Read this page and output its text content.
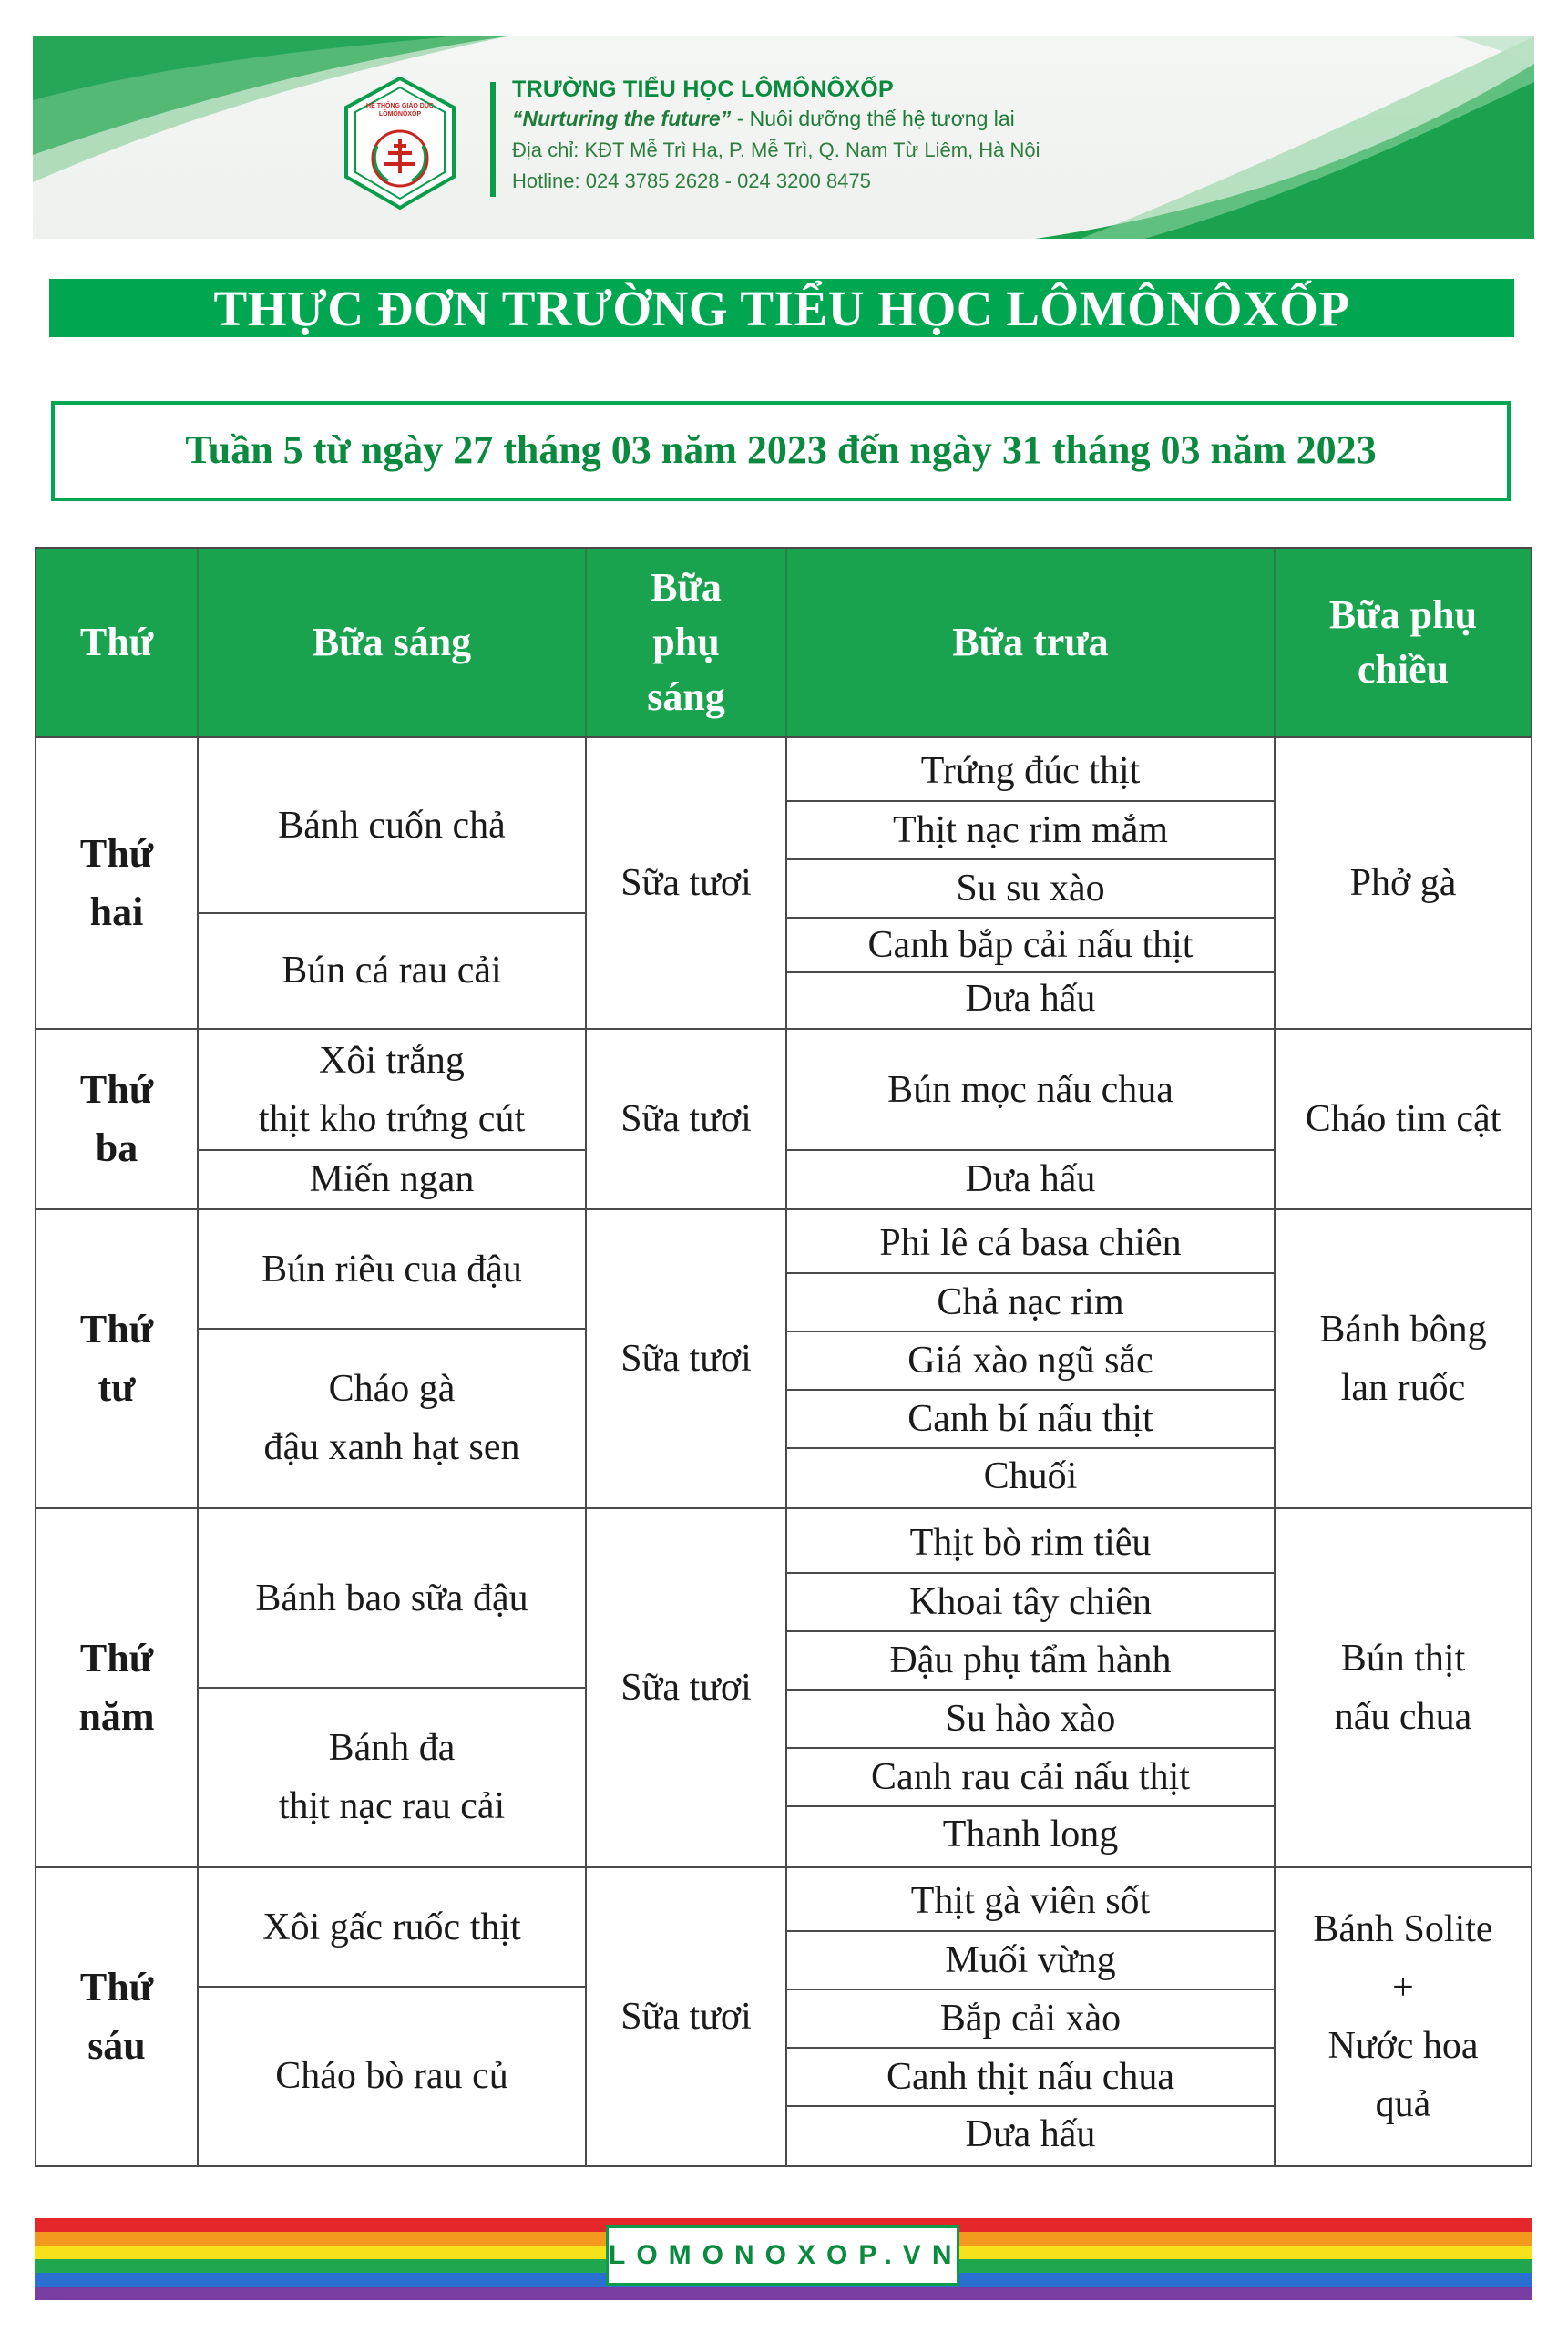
HỆ THỐNG GIÁO DỤC LÔMÔNÔXỐP
TRƯỜNG TIỂU HỌC LÔMÔNÔXỐP
“Nurturing the future” - Nuôi dưỡng thế hệ tương lai
Địa chỉ: KĐT Mễ Trì Hạ, P. Mễ Trì, Q. Nam Từ Liêm, Hà Nội
Hotline: 024 3785 2628 - 024 3200 8475
THỰC ĐƠN TRƯỜNG TIỂU HỌC LÔMÔNÔXỐP
Tuần 5 từ ngày 27 tháng 03 năm 2023 đến ngày 31 tháng 03 năm 2023
Thứ	Bữa sáng
Bữa
phụ
sáng
Bữa trưa
Bữa phụ
chiều
Thứ
hai
Bánh cuốn chả
Bún cá rau cải
Sữa tươi
Trứng đúc thịt
Thịt nạc rim mắm
Su su xào
Canh bắp cải nấu thịt
Dưa hấu
Phở gà
Thứ
ba
Xôi trắng
thịt kho trứng cút
Miến ngan
Sữa tươi
Bún mọc nấu chua
Dưa hấu
Cháo tim cật
Thứ
tư
Bún riêu cua đậu
Cháo gà
đậu xanh hạt sen
Sữa tươi
Phi lê cá basa chiên
Chả nạc rim
Giá xào ngũ sắc
Canh bí nấu thịt
Chuối
Bánh bông
lan ruốc
Thứ
năm
Bánh bao sữa đậu
Bánh đa
thịt nạc rau cải
Sữa tươi
Thịt bò rim tiêu
Khoai tây chiên
Đậu phụ tẩm hành
Su hào xào
Canh rau cải nấu thịt
Thanh long
Bún thịt
nấu chua
Thứ
sáu
Xôi gấc ruốc thịt
Cháo bò rau củ
Sữa tươi
Thịt gà viên sốt
Muối vừng
Bắp cải xào
Canh thịt nấu chua
Dưa hấu
Bánh Solite
+
Nước hoa
quả
LOMONOXOP.VN
